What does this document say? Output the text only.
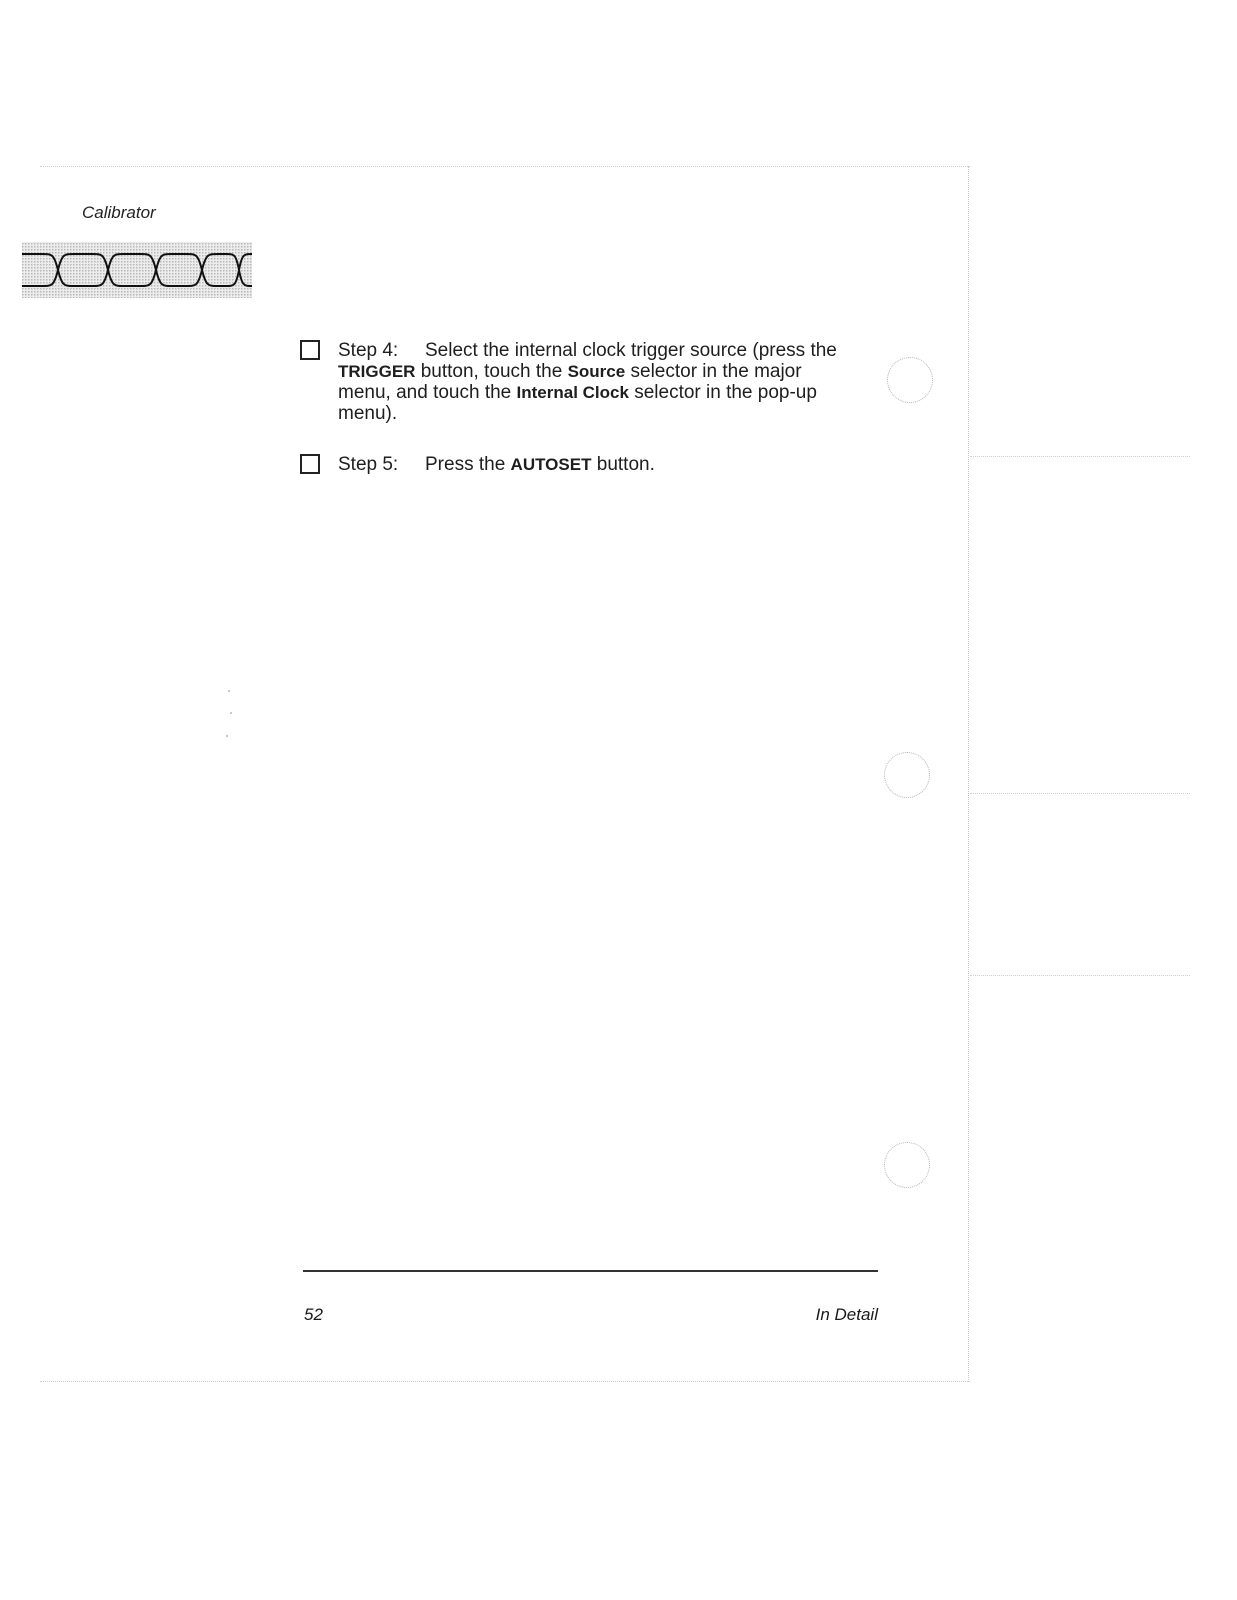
Calibrator
Step 4: Select the internal clock trigger source (press the TRIGGER button, touch the Source selector in the major menu, and touch the Internal Clock selector in the pop-up menu).
Step 5: Press the AUTOSET button.
52	In Detail
